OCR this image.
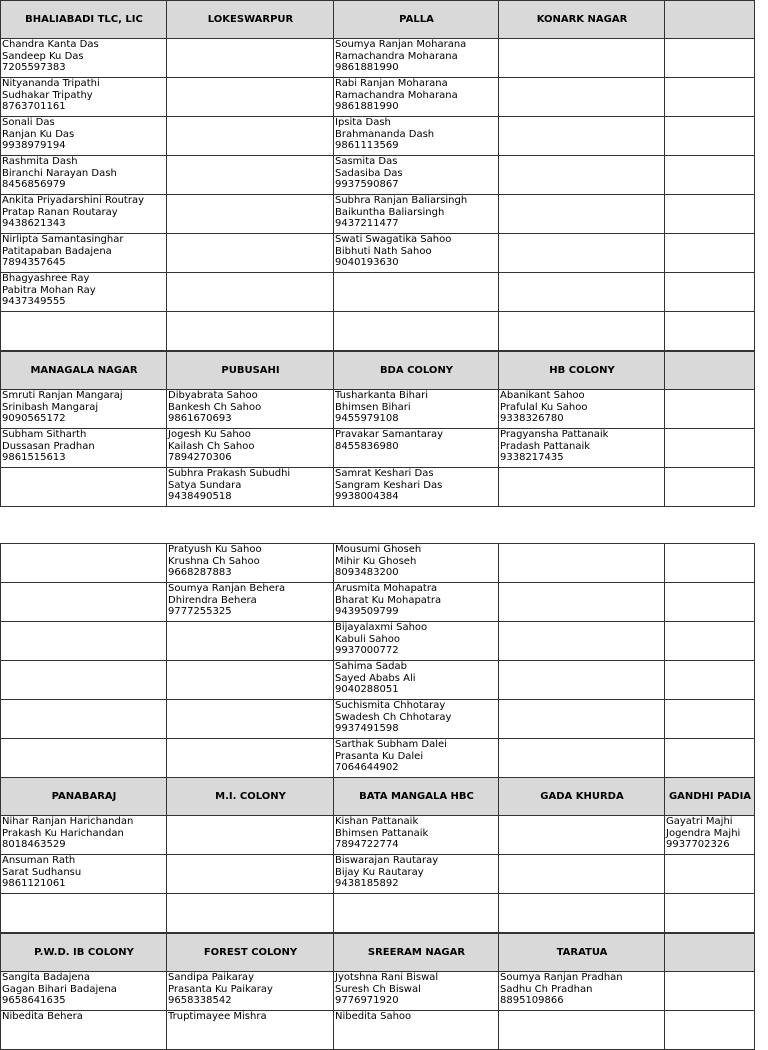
BHALIABADI TLC, LIC	LOKESWARPUR	PALLA	KONARK NAGAR	

Chandra Kanta Das
Sandeep Ku Das
7205597383		Soumya Ranjan Moharana
Ramachandra Moharana
9861881990		

Nityananda Tripathi
Sudhakar Tripathy
8763701161		Rabi Ranjan Moharana
Ramachandra Moharana
9861881990		

Sonali Das
Ranjan Ku Das
9938979194		Ipsita Dash
Brahmananda Dash
9861113569		

Rashmita Dash
Biranchi Narayan Dash
8456856979		Sasmita Das
Sadasiba Das
9937590867		

Ankita Priyadarshini Routray
Pratap Ranan Routaray
9438621343		Subhra Ranjan Baliarsingh
Baikuntha Baliarsingh
9437211477		

Nirlipta Samantasinghar
Patitapaban Badajena
7894357645		Swati Swagatika Sahoo
Bibhuti Nath Sahoo
9040193630		

Bhagyashree Ray
Pabitra Mohan Ray
9437349555				

MANAGALA NAGAR	PUBUSAHI	BDA COLONY	HB COLONY	

Smruti Ranjan Mangaraj
Srinibash Mangaraj
9090565172	Dibyabrata Sahoo
Bankesh Ch Sahoo
9861670693	Tusharkanta Bihari
Bhimsen Bihari
9455979108	Abanikant Sahoo
Prafulal Ku Sahoo
9338326780	

Subham Sitharth
Dussasan Pradhan
9861515613	Jogesh Ku Sahoo
Kailash Ch Sahoo
7894270306	Pravakar Samantaray
8455836980	Pragyansha Pattanaik
Pradash Pattanaik
9338217435	

	Subhra Prakash Subudhi
Satya Sundara
9438490518	Samrat Keshari Das
Sangram Keshari Das
9938004384		

	Pratyush Ku Sahoo
Krushna Ch Sahoo
9668287883	Mousumi Ghoseh
Mihir Ku Ghoseh
8093483200		

	Soumya Ranjan Behera
Dhirendra Behera
9777255325	Arusmita Mohapatra
Bharat Ku Mohapatra
9439509799		

		Bijayalaxmi Sahoo
Kabuli Sahoo
9937000772		

		Sahima Sadab
Sayed Ababs Ali
9040288051		

		Suchismita Chhotaray
Swadesh Ch Chhotaray
9937491598		

		Sarthak Subham Dalei
Prasanta Ku Dalei
7064644902		

PANABARAJ	M.I. COLONY	BATA MANGALA HBC	GADA KHURDA	GANDHI PADIA

Nihar Ranjan Harichandan
Prakash Ku Harichandan
8018463529		Kishan Pattanaik
Bhimsen Pattanaik
7894722774		Gayatri Majhi
Jogendra Majhi
9937702326

Ansuman Rath
Sarat Sudhansu
9861121061		Biswarajan Rautaray
Bijay Ku Rautaray
9438185892		

P.W.D. IB COLONY	FOREST COLONY	SREERAM NAGAR	TARATUA	

Sangita Badajena
Gagan Bihari Badajena
9658641635	Sandipa Paikaray
Prasanta Ku Paikaray
9658338542	Jyotshna Rani Biswal
Suresh Ch Biswal
9776971920	Soumya Ranjan Pradhan
Sadhu Ch Pradhan
8895109866	

Nibedita Behera	Truptimayee Mishra	Nibedita Sahoo		
